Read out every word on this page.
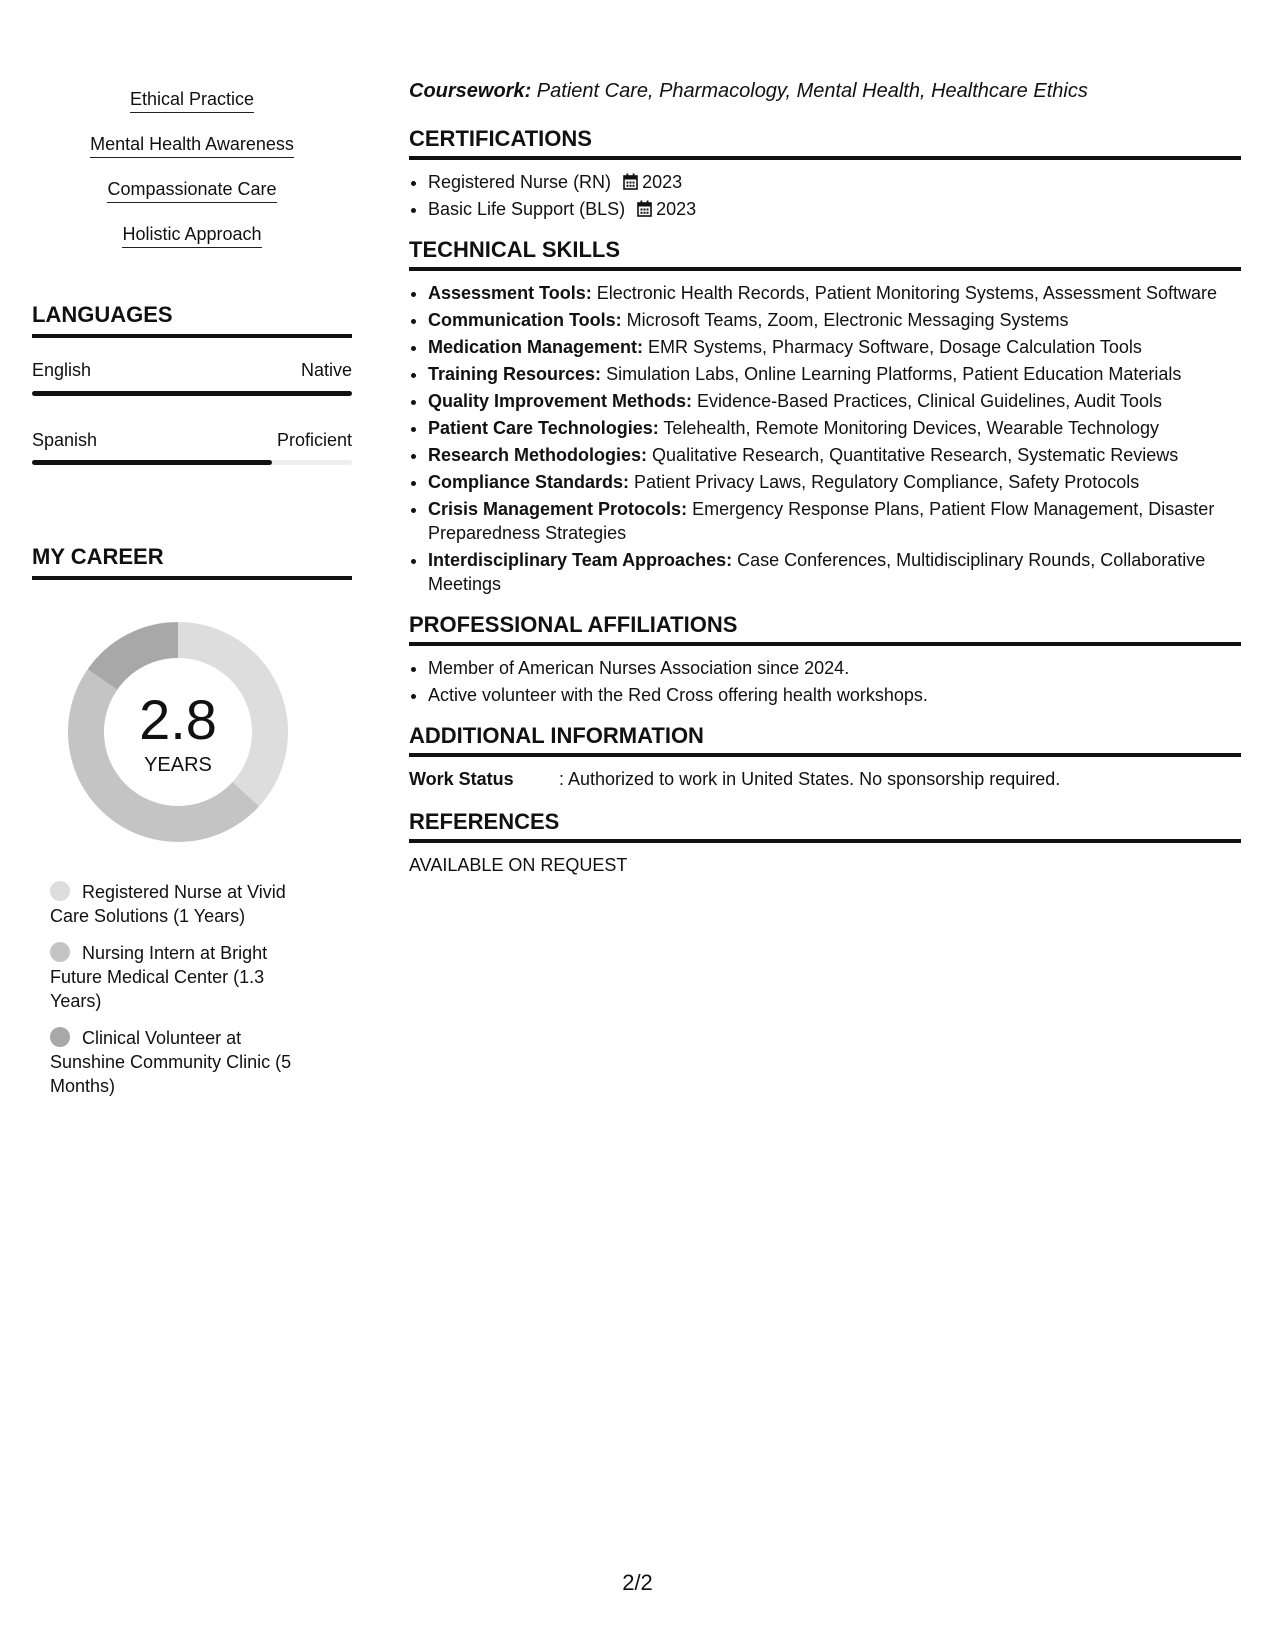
Ethical Practice
Mental Health Awareness
Compassionate Care
Holistic Approach
LANGUAGES
English	Native
Spanish	Proficient
MY CAREER
2.8
YEARS
Registered Nurse at Vivid Care Solutions (1 Years)
Nursing Intern at Bright Future Medical Center (1.3 Years)
Clinical Volunteer at Sunshine Community Clinic (5 Months)
Coursework: Patient Care, Pharmacology, Mental Health, Healthcare Ethics
CERTIFICATIONS
• Registered Nurse (RN) 2023
• Basic Life Support (BLS) 2023
TECHNICAL SKILLS
• Assessment Tools: Electronic Health Records, Patient Monitoring Systems, Assessment Software
• Communication Tools: Microsoft Teams, Zoom, Electronic Messaging Systems
• Medication Management: EMR Systems, Pharmacy Software, Dosage Calculation Tools
• Training Resources: Simulation Labs, Online Learning Platforms, Patient Education Materials
• Quality Improvement Methods: Evidence-Based Practices, Clinical Guidelines, Audit Tools
• Patient Care Technologies: Telehealth, Remote Monitoring Devices, Wearable Technology
• Research Methodologies: Qualitative Research, Quantitative Research, Systematic Reviews
• Compliance Standards: Patient Privacy Laws, Regulatory Compliance, Safety Protocols
• Crisis Management Protocols: Emergency Response Plans, Patient Flow Management, Disaster Preparedness Strategies
• Interdisciplinary Team Approaches: Case Conferences, Multidisciplinary Rounds, Collaborative Meetings
PROFESSIONAL AFFILIATIONS
• Member of American Nurses Association since 2024.
• Active volunteer with the Red Cross offering health workshops.
ADDITIONAL INFORMATION
Work Status	: Authorized to work in United States. No sponsorship required.
REFERENCES
AVAILABLE ON REQUEST
2/2
